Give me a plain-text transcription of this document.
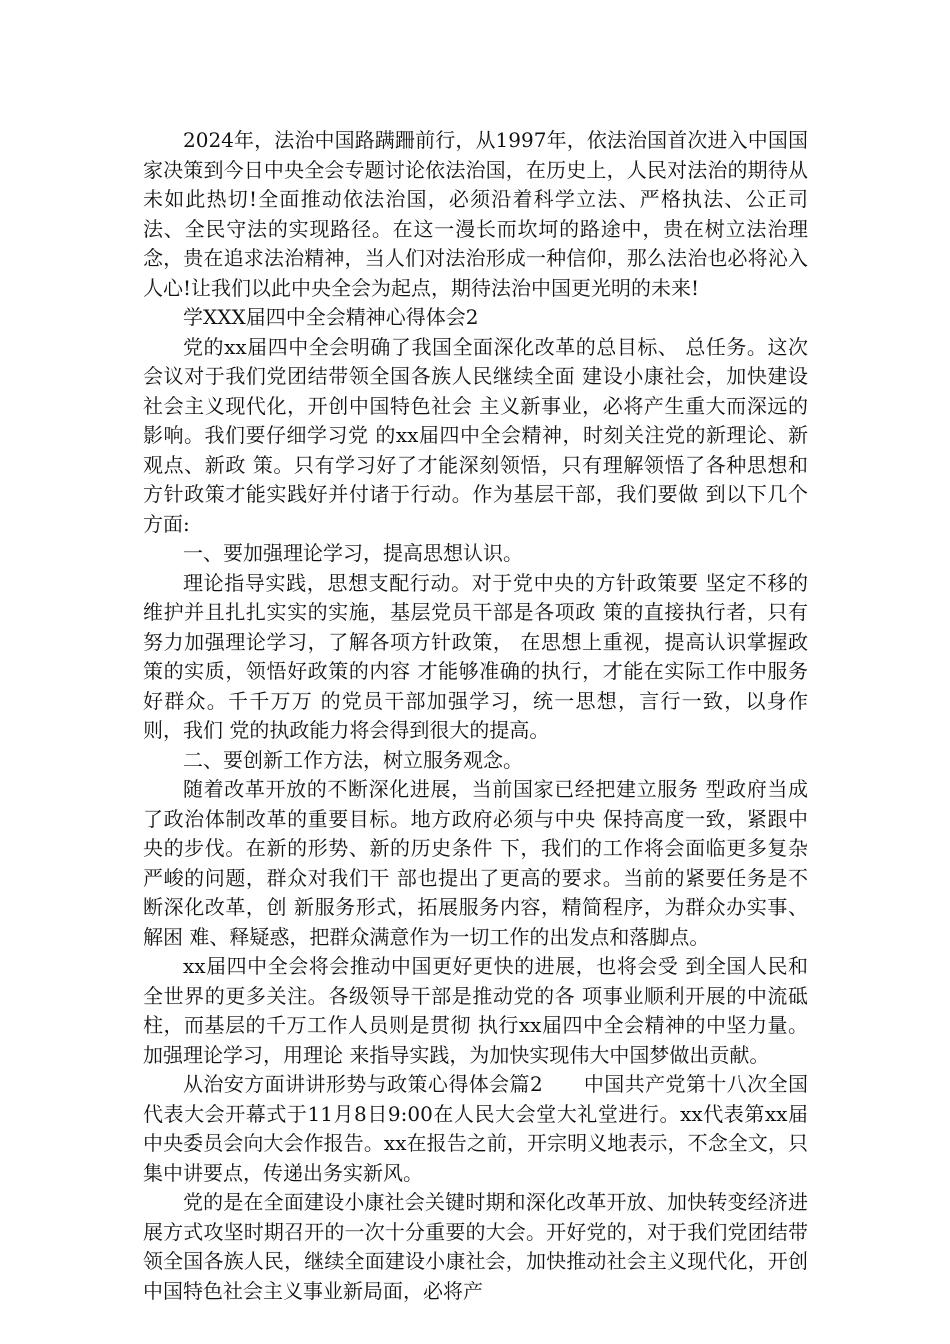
2024年，法治中国路蹒跚前行，从1997年，依法治国首次进入中国国家决策到今日中央全会专题讨论依法治国，在历史上，人民对法治的期待从未如此热切!全面推动依法治国，必须沿着科学立法、严格执法、公正司法、全民守法的实现路径。在这一漫长而坎坷的路途中，贵在树立法治理念，贵在追求法治精神，当人们对法治形成一种信仰，那么法治也必将沁入人心!让我们以此中央全会为起点，期待法治中国更光明的未来!

学XXX届四中全会精神心得体会2

党的xx届四中全会明确了我国全面深化改革的总目标、 总任务。这次会议对于我们党团结带领全国各族人民继续全面 建设小康社会，加快建设社会主义现代化，开创中国特色社会 主义新事业，必将产生重大而深远的影响。我们要仔细学习党 的xx届四中全会精神，时刻关注党的新理论、新观点、新政 策。只有学习好了才能深刻领悟，只有理解领悟了各种思想和 方针政策才能实践好并付诸于行动。作为基层干部，我们要做 到以下几个方面:

一、要加强理论学习，提高思想认识。

理论指导实践，思想支配行动。对于党中央的方针政策要 坚定不移的维护并且扎扎实实的实施，基层党员干部是各项政 策的直接执行者，只有努力加强理论学习，了解各项方针政策， 在思想上重视，提高认识掌握政策的实质，领悟好政策的内容 才能够准确的执行，才能在实际工作中服务好群众。千千万万 的党员干部加强学习，统一思想，言行一致，以身作则，我们 党的执政能力将会得到很大的提高。

二、要创新工作方法，树立服务观念。

随着改革开放的不断深化进展，当前国家已经把建立服务 型政府当成了政治体制改革的重要目标。地方政府必须与中央 保持高度一致，紧跟中央的步伐。在新的形势、新的历史条件 下，我们的工作将会面临更多复杂严峻的问题，群众对我们干 部也提出了更高的要求。当前的紧要任务是不断深化改革，创 新服务形式，拓展服务内容，精简程序，为群众办实事、解困 难、释疑惑，把群众满意作为一切工作的出发点和落脚点。

xx届四中全会将会推动中国更好更快的进展，也将会受 到全国人民和全世界的更多关注。各级领导干部是推动党的各 项事业顺利开展的中流砥柱，而基层的千万工作人员则是贯彻 执行xx届四中全会精神的中坚力量。加强理论学习，用理论 来指导实践，为加快实现伟大中国梦做出贡献。

从治安方面讲讲形势与政策心得体会篇2　　中国共产党第十八次全国代表大会开幕式于11月8日9:00在人民大会堂大礼堂进行。xx代表第xx届中央委员会向大会作报告。xx在报告之前，开宗明义地表示，不念全文，只集中讲要点，传递出务实新风。

党的是在全面建设小康社会关键时期和深化改革开放、加快转变经济进展方式攻坚时期召开的一次十分重要的大会。开好党的，对于我们党团结带领全国各族人民，继续全面建设小康社会，加快推动社会主义现代化，开创中国特色社会主义事业新局面，必将产
